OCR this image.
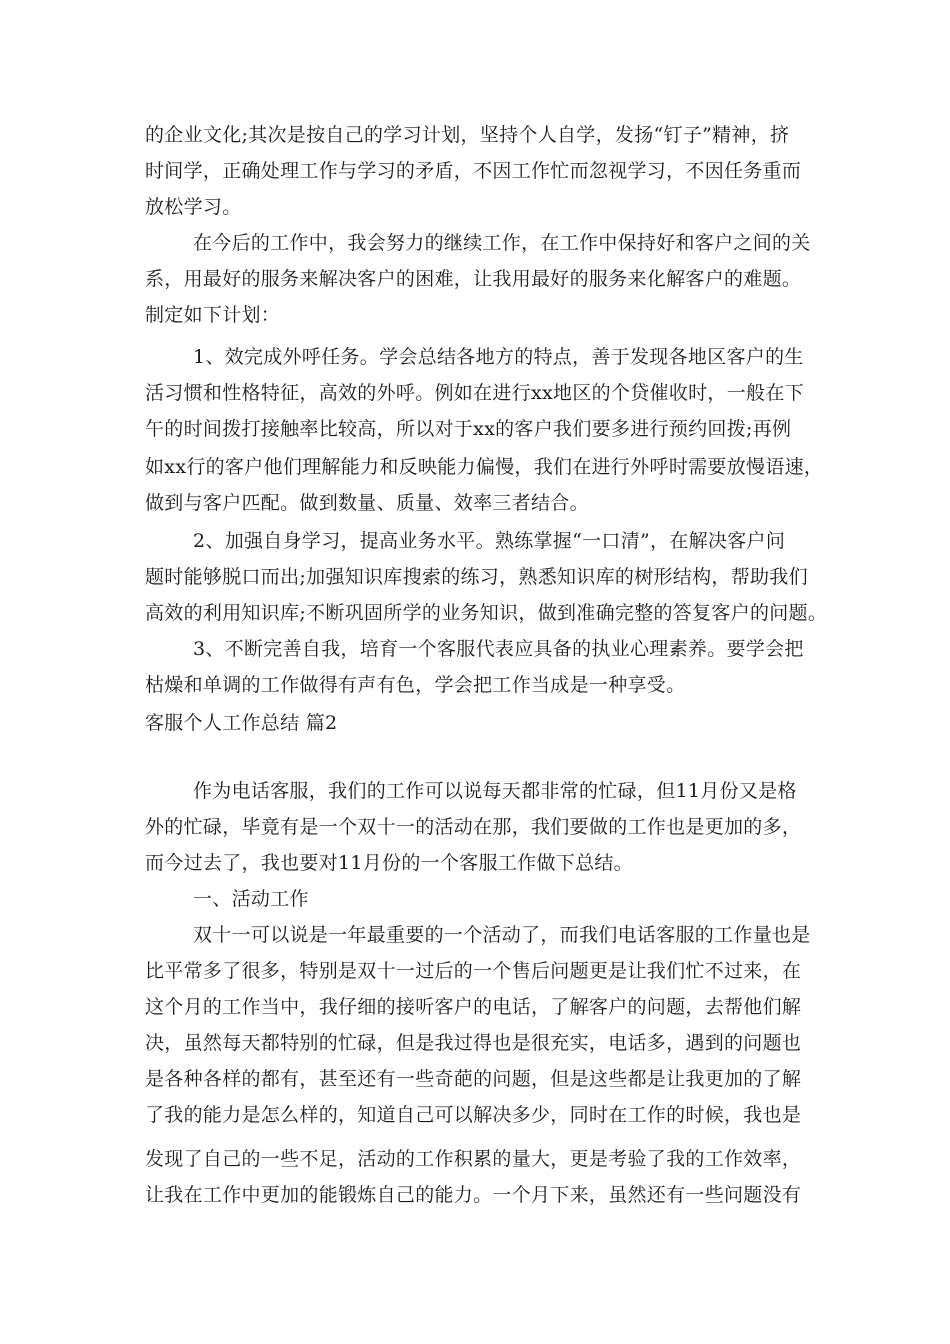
的企业文化;其次是按自己的学习计划，坚持个人自学，发扬“钉子”精神，挤
时间学，正确处理工作与学习的矛盾，不因工作忙而忽视学习，不因任务重而
放松学习。
在今后的工作中，我会努力的继续工作，在工作中保持好和客户之间的关
系，用最好的服务来解决客户的困难，让我用最好的服务来化解客户的难题。
制定如下计划：
1、效完成外呼任务。学会总结各地方的特点，善于发现各地区客户的生
活习惯和性格特征，高效的外呼。例如在进行xx地区的个贷催收时，一般在下
午的时间拨打接触率比较高，所以对于xx的客户我们要多进行预约回拨;再例
如xx行的客户他们理解能力和反映能力偏慢，我们在进行外呼时需要放慢语速，
做到与客户匹配。做到数量、质量、效率三者结合。
2、加强自身学习，提高业务水平。熟练掌握“一口清”，在解决客户问
题时能够脱口而出;加强知识库搜索的练习，熟悉知识库的树形结构，帮助我们
高效的利用知识库;不断巩固所学的业务知识，做到准确完整的答复客户的问题。
3、不断完善自我，培育一个客服代表应具备的执业心理素养。要学会把
枯燥和单调的工作做得有声有色，学会把工作当成是一种享受。
客服个人工作总结 篇2
作为电话客服，我们的工作可以说每天都非常的忙碌，但11月份又是格
外的忙碌，毕竟有是一个双十一的活动在那，我们要做的工作也是更加的多，
而今过去了，我也要对11月份的一个客服工作做下总结。
一、活动工作
双十一可以说是一年最重要的一个活动了，而我们电话客服的工作量也是
比平常多了很多，特别是双十一过后的一个售后问题更是让我们忙不过来，在
这个月的工作当中，我仔细的接听客户的电话，了解客户的问题，去帮他们解
决，虽然每天都特别的忙碌，但是我过得也是很充实，电话多，遇到的问题也
是各种各样的都有，甚至还有一些奇葩的问题，但是这些都是让我更加的了解
了我的能力是怎么样的，知道自己可以解决多少，同时在工作的时候，我也是
发现了自己的一些不足，活动的工作积累的量大，更是考验了我的工作效率，
让我在工作中更加的能锻炼自己的能力。一个月下来，虽然还有一些问题没有
